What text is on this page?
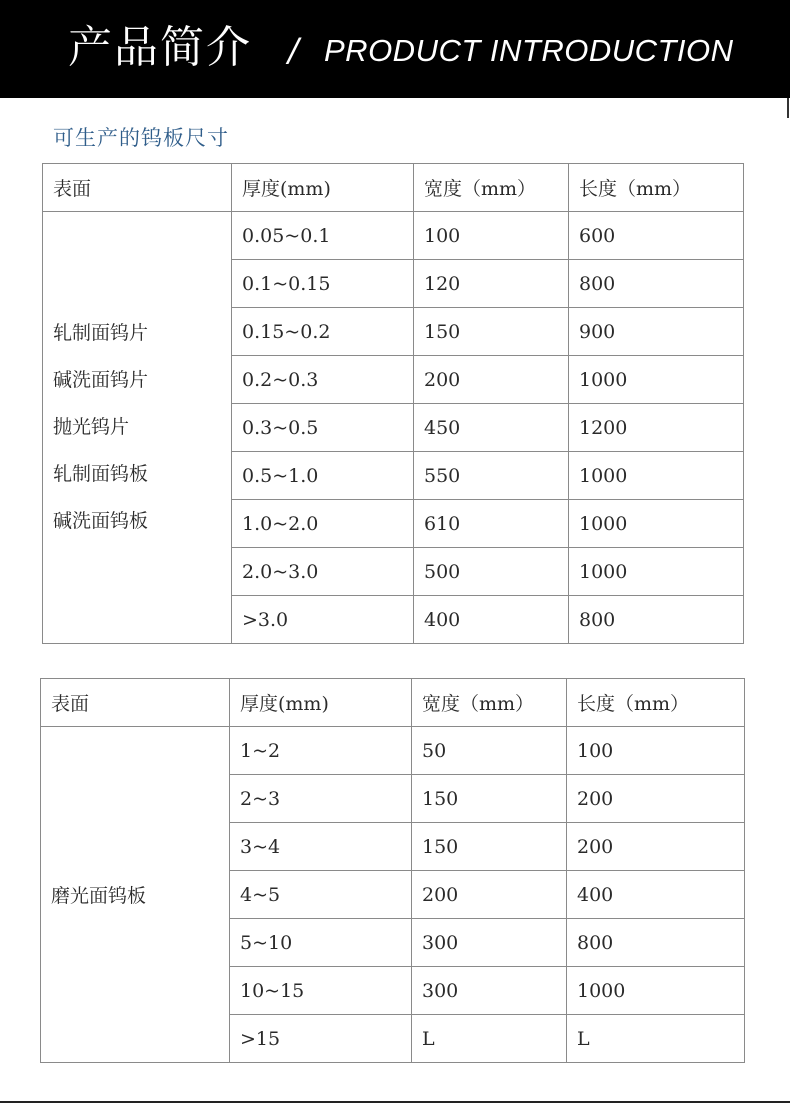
产品简介 / PRODUCT INTRODUCTION
可生产的钨板尺寸
表面	厚度(mm)	宽度（mm）	长度（mm）

轧制面钨片
碱洗面钨片
抛光钨片
轧制面钨板
碱洗面钨板	0.05~0.1	100	600
	0.1~0.15	120	800
	0.15~0.2	150	900
	0.2~0.3	200	1000
	0.3~0.5	450	1200
	0.5~1.0	550	1000
	1.0~2.0	610	1000
	2.0~3.0	500	1000
	>3.0	400	800
表面	厚度(mm)	宽度（mm）	长度（mm）

磨光面钨板	1~2	50	100
	2~3	150	200
	3~4	150	200
	4~5	200	400
	5~10	300	800
	10~15	300	1000
	>15	L	L
